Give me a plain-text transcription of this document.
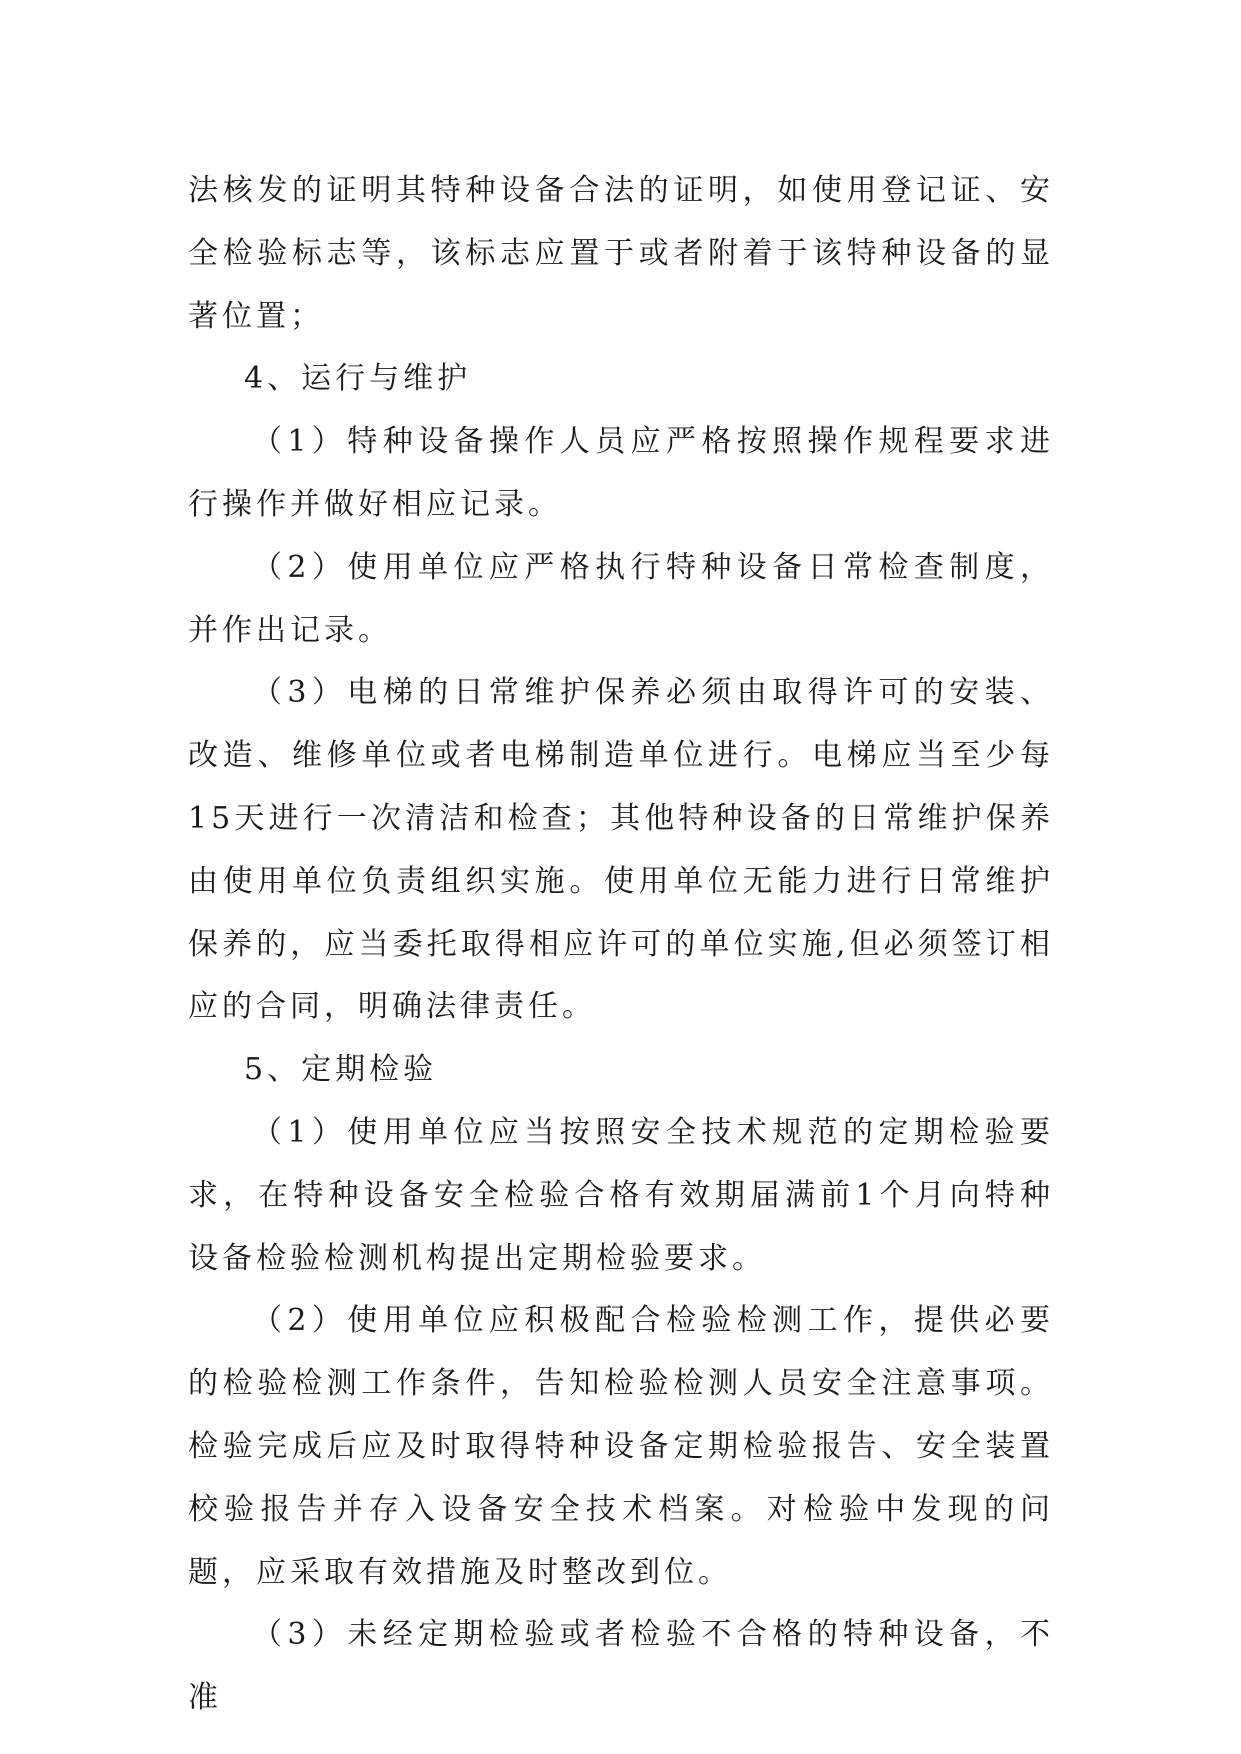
法核发的证明其特种设备合法的证明，如使用登记证、安全检验标志等，该标志应置于或者附着于该特种设备的显著位置；

4、运行与维护

（1）特种设备操作人员应严格按照操作规程要求进行操作并做好相应记录。

（2）使用单位应严格执行特种设备日常检查制度，并作出记录。

（3）电梯的日常维护保养必须由取得许可的安装、改造、维修单位或者电梯制造单位进行。电梯应当至少每15天进行一次清洁和检查；其他特种设备的日常维护保养由使用单位负责组织实施。使用单位无能力进行日常维护保养的，应当委托取得相应许可的单位实施,但必须签订相应的合同，明确法律责任。

5、定期检验

（1）使用单位应当按照安全技术规范的定期检验要求，在特种设备安全检验合格有效期届满前1个月向特种设备检验检测机构提出定期检验要求。

（2）使用单位应积极配合检验检测工作，提供必要的检验检测工作条件，告知检验检测人员安全注意事项。检验完成后应及时取得特种设备定期检验报告、安全装置校验报告并存入设备安全技术档案。对检验中发现的问题，应采取有效措施及时整改到位。

（3）未经定期检验或者检验不合格的特种设备，不准
